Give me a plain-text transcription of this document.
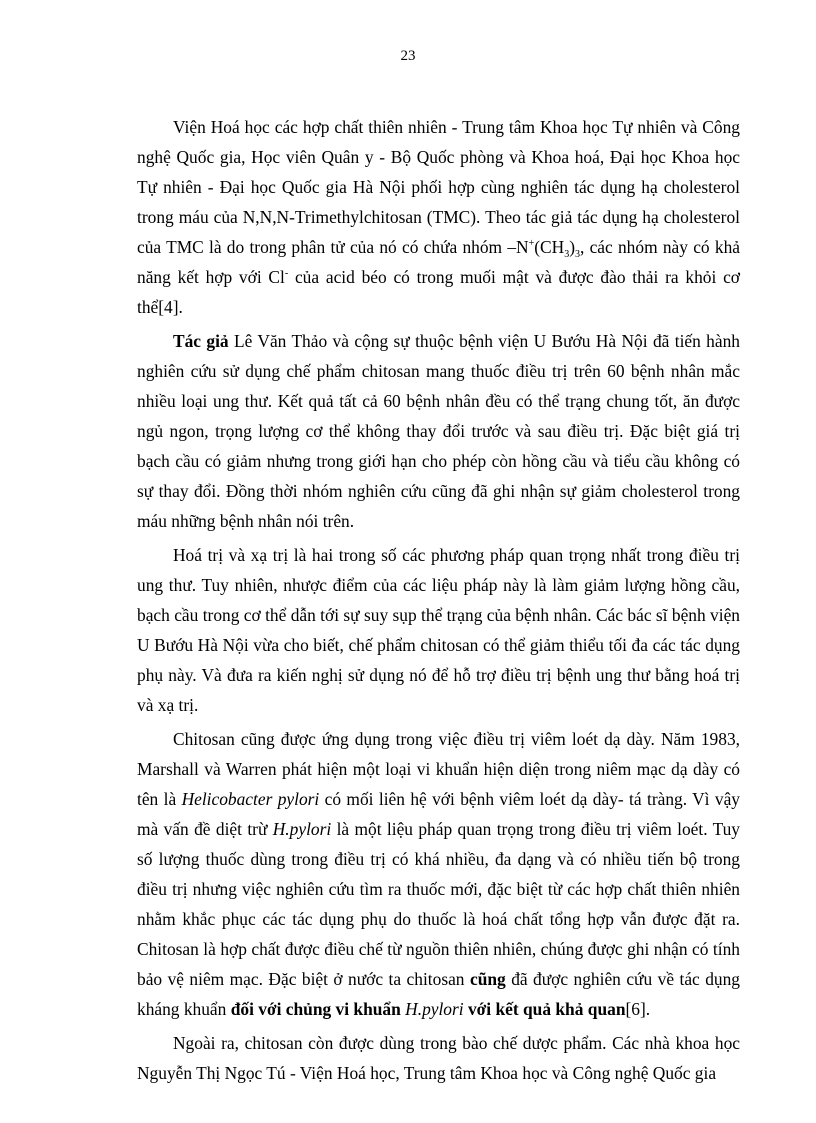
23

Viện Hoá học các hợp chất thiên nhiên - Trung tâm Khoa học Tự nhiên và Công nghệ Quốc gia, Học viên Quân y - Bộ Quốc phòng và Khoa hoá, Đại học Khoa học Tự nhiên - Đại học Quốc gia Hà Nội phối hợp cùng nghiên tác dụng hạ cholesterol trong máu của N,N,N-Trimethylchitosan (TMC). Theo tác giả tác dụng hạ cholesterol của TMC là do trong phân tử của nó có chứa nhóm $-N^+(CH_3)_3$, các nhóm này có khả năng kết hợp với Cl- của acid béo có trong muối mật và được đào thải ra khỏi cơ thể[4].

Tác giả Lê Văn Thảo và cộng sự thuộc bệnh viện U Bướu Hà Nội đã tiến hành nghiên cứu sử dụng chế phẩm chitosan mang thuốc điều trị trên 60 bệnh nhân mắc nhiều loại ung thư. Kết quả tất cả 60 bệnh nhân đều có thể trạng chung tốt, ăn được ngủ ngon, trọng lượng cơ thể không thay đổi trước và sau điều trị. Đặc biệt giá trị bạch cầu có giảm nhưng trong giới hạn cho phép còn hồng cầu và tiểu cầu không có sự thay đổi. Đồng thời nhóm nghiên cứu cũng đã ghi nhận sự giảm cholesterol trong máu những bệnh nhân nói trên.

Hoá trị và xạ trị là hai trong số các phương pháp quan trọng nhất trong điều trị ung thư. Tuy nhiên, nhược điểm của các liệu pháp này là làm giảm lượng hồng cầu, bạch cầu trong cơ thể dẫn tới sự suy sụp thể trạng của bệnh nhân. Các bác sĩ bệnh viện U Bướu Hà Nội vừa cho biết, chế phẩm chitosan có thể giảm thiểu tối đa các tác dụng phụ này. Và đưa ra kiến nghị sử dụng nó để hỗ trợ điều trị bệnh ung thư bằng hoá trị và xạ trị.

Chitosan cũng được ứng dụng trong việc điều trị viêm loét dạ dày. Năm 1983, Marshall và Warren phát hiện một loại vi khuẩn hiện diện trong niêm mạc dạ dày có tên là Helicobacter pylori có mối liên hệ với bệnh viêm loét dạ dày- tá tràng. Vì vậy mà vấn đề diệt trừ H.pylori là một liệu pháp quan trọng trong điều trị viêm loét. Tuy số lượng thuốc dùng trong điều trị có khá nhiều, đa dạng và có nhiều tiến bộ trong điều trị nhưng việc nghiên cứu tìm ra thuốc mới, đặc biệt từ các hợp chất thiên nhiên nhằm khắc phục các tác dụng phụ do thuốc là hoá chất tổng hợp vẫn được đặt ra. Chitosan là hợp chất được điều chế từ nguồn thiên nhiên, chúng được ghi nhận có tính bảo vệ niêm mạc. Đặc biệt ở nước ta chitosan cũng đã được nghiên cứu về tác dụng kháng khuẩn đối với chủng vi khuẩn H.pylori với kết quả khả quan[6].

Ngoài ra, chitosan còn được dùng trong bào chế dược phẩm. Các nhà khoa học Nguyễn Thị Ngọc Tú - Viện Hoá học, Trung tâm Khoa học và Công nghệ Quốc gia
